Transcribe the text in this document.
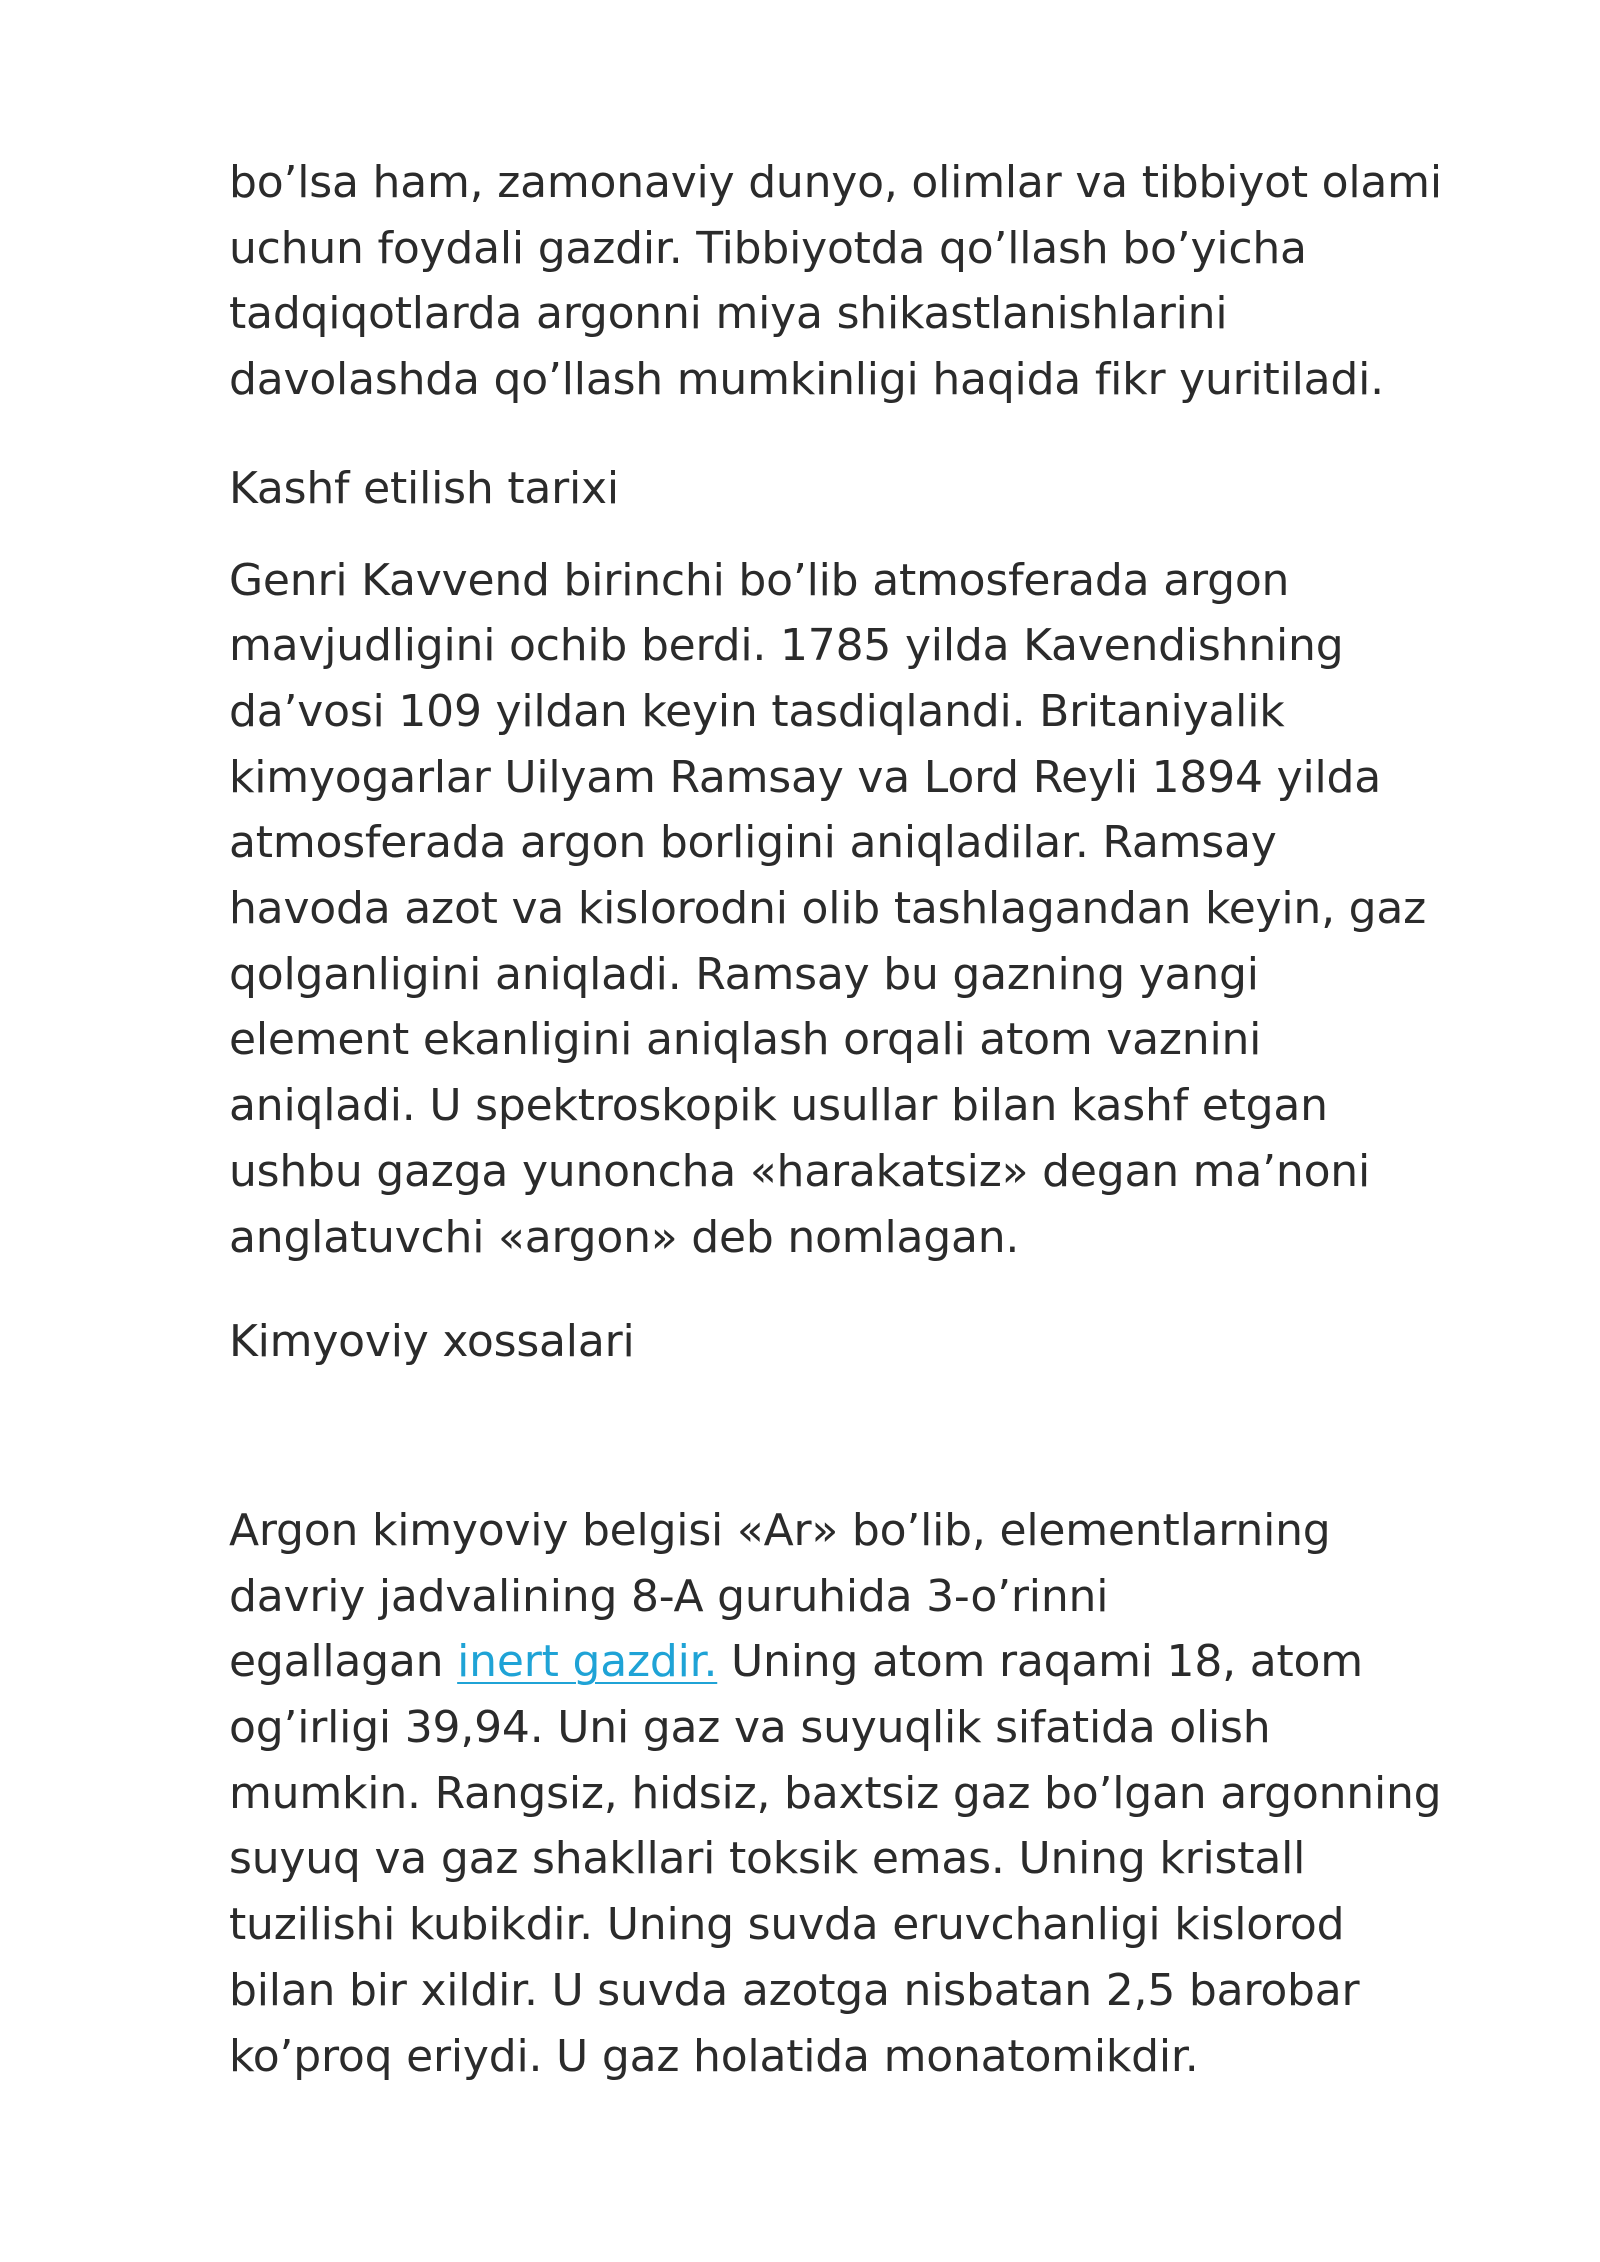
bo’lsa ham, zamonaviy dunyo, olimlar va tibbiyot olami
uchun foydali gazdir. Tibbiyotda qo’llash bo’yicha
tadqiqotlarda argonni miya shikastlanishlarini
davolashda qo’llash mumkinligi haqida fikr yuritiladi.

Kashf etilish tarixi

Genri Kavvend birinchi bo’lib atmosferada argon
mavjudligini ochib berdi. 1785 yilda Kavendishning
da’vosi 109 yildan keyin tasdiqlandi. Britaniyalik
kimyogarlar Uilyam Ramsay va Lord Reyli 1894 yilda
atmosferada argon borligini aniqladilar. Ramsay
havoda azot va kislorodni olib tashlagandan keyin, gaz
qolganligini aniqladi. Ramsay bu gazning yangi
element ekanligini aniqlash orqali atom vaznini
aniqladi. U spektroskopik usullar bilan kashf etgan
ushbu gazga yunoncha «harakatsiz» degan ma’noni
anglatuvchi «argon» deb nomlagan.

Kimyoviy xossalari

Argon kimyoviy belgisi «Ar» bo’lib, elementlarning
davriy jadvalining 8-A guruhida 3-o’rinni
egallagan inert gazdir. Uning atom raqami 18, atom
og’irligi 39,94. Uni gaz va suyuqlik sifatida olish
mumkin. Rangsiz, hidsiz, baxtsiz gaz bo’lgan argonning
suyuq va gaz shakllari toksik emas. Uning kristall
tuzilishi kubikdir. Uning suvda eruvchanligi kislorod
bilan bir xildir. U suvda azotga nisbatan 2,5 barobar
ko’proq eriydi. U gaz holatida monatomikdir.
